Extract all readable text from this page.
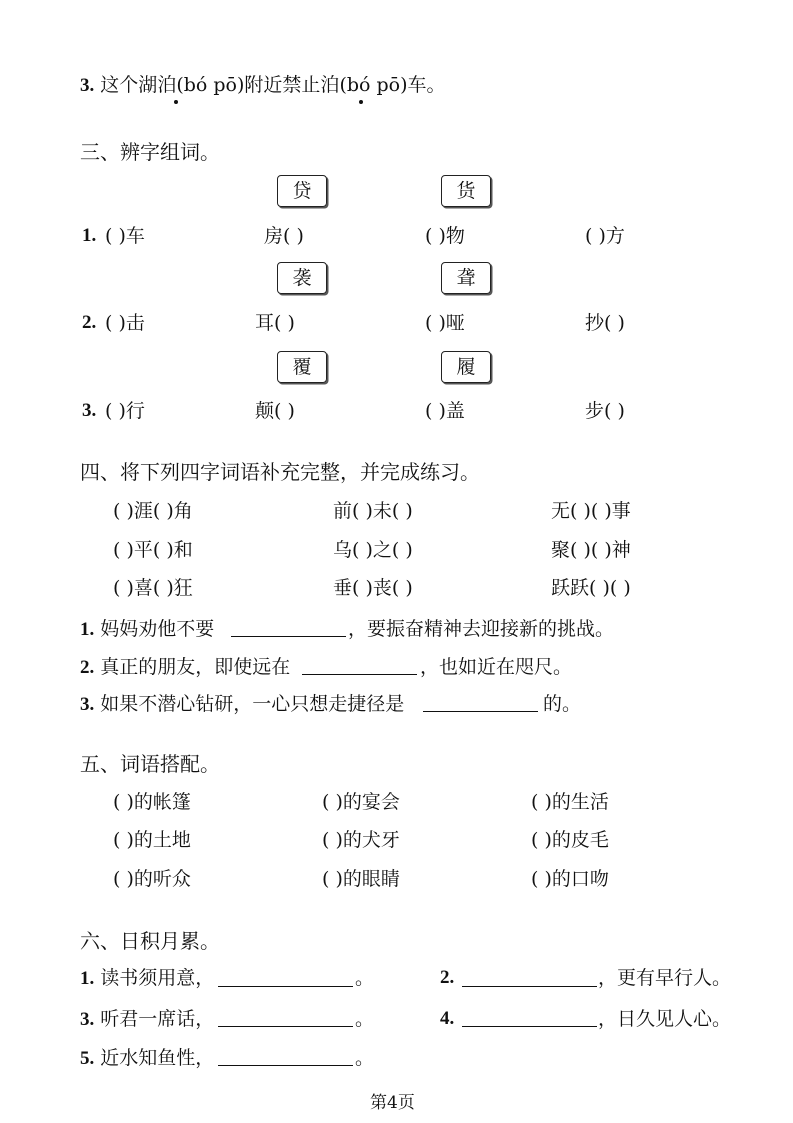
3. 这个湖泊(bó pō)附近禁止泊(bó pō)车。
三、辨字组词。
贷	货
1. ( )车	房( )	( )物	( )方
袭	聋
2. ( )击	耳( )	( )哑	抄( )
覆	履
3. ( )行	颠( )	( )盖	步( )
四、将下列四字词语补充完整，并完成练习。
( )涯( )角	前( )未( )	无( )( )事
( )平( )和	乌( )之( )	聚( )( )神
( )喜( )狂	垂( )丧( )	跃跃( )( )
1. 妈妈劝他不要	，要振奋精神去迎接新的挑战。
2. 真正的朋友，即使远在	，也如近在咫尺。
3. 如果不潜心钻研，一心只想走捷径是	的。
五、词语搭配。
( )的帐篷	( )的宴会	( )的生活
( )的土地	( )的犬牙	( )的皮毛
( )的听众	( )的眼睛	( )的口吻
六、日积月累。
1. 读书须用意，	。	2.	，更有早行人。
3. 听君一席话，	。	4.	，日久见人心。
5. 近水知鱼性，	。
第4页
